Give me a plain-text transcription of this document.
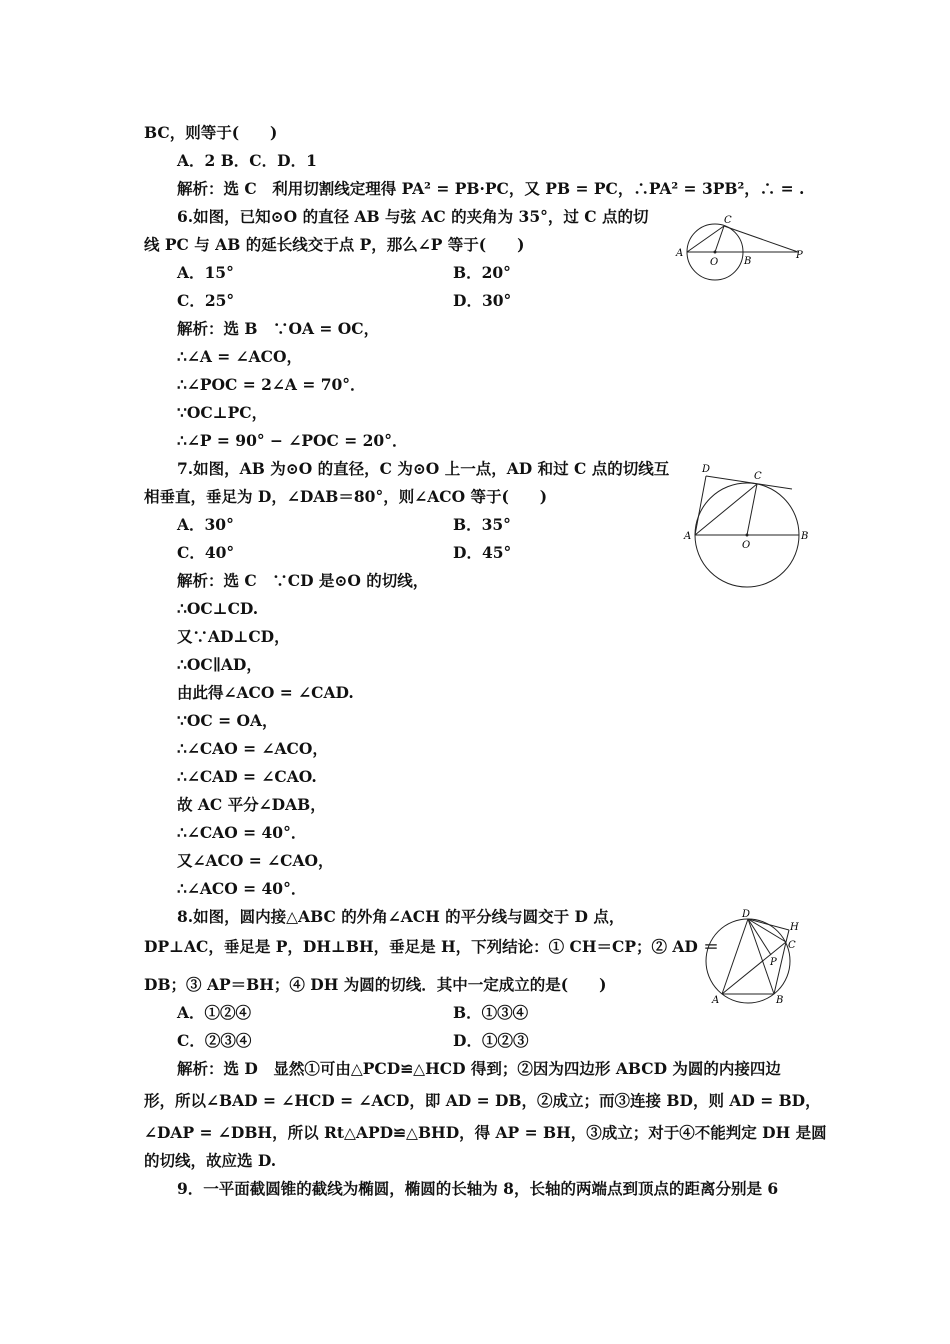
BC，则等于(　　)
A．2 B．C．D．1
解析：选 C　利用切割线定理得 PA² = PB·PC，又 PB = PC，∴PA² = 3PB²，∴ = .
6.如图，已知⊙O 的直径 AB 与弦 AC 的夹角为 35°，过 C 点的切
线 PC 与 AB 的延长线交于点 P，那么∠P 等于(　　)
A．15°	B．20°
C．25°	D．30°
解析：选 B　∵OA = OC，
∴∠A = ∠ACO，
∴∠POC = 2∠A = 70°．
∵OC⊥PC，
∴∠P = 90° − ∠POC = 20°．
7.如图，AB 为⊙O 的直径，C 为⊙O 上一点，AD 和过 C 点的切线互
相垂直，垂足为 D，∠DAB＝80°，则∠ACO 等于(　　)
A．30°	B．35°
C．40°	D．45°
解析：选 C　∵CD 是⊙O 的切线，
∴OC⊥CD.
又∵AD⊥CD，
∴OC∥AD，
由此得∠ACO = ∠CAD.
∵OC = OA，
∴∠CAO = ∠ACO，
∴∠CAD = ∠CAO.
故 AC 平分∠DAB，
∴∠CAO = 40°．
又∠ACO = ∠CAO，
∴∠ACO = 40°．
8.如图，圆内接△ABC 的外角∠ACH 的平分线与圆交于 D 点，
DP⊥AC，垂足是 P，DH⊥BH，垂足是 H，下列结论：① CH＝CP；② AD ＝
DB；③ AP＝BH；④ DH 为圆的切线．其中一定成立的是(　　)
A．①②④	B．①③④
C．②③④	D．①②③
解析：选 D　显然①可由△PCD≌△HCD 得到；②因为四边形 ABCD 为圆的内接四边
形，所以∠BAD = ∠HCD = ∠ACD，即 AD = DB，②成立；而③连接 BD，则 AD = BD，
∠DAP = ∠DBH，所以 Rt△APD≌△BHD，得 AP = BH，③成立；对于④不能判定 DH 是圆
的切线，故应选 D.
9．一平面截圆锥的截线为椭圆，椭圆的长轴为 8，长轴的两端点到顶点的距离分别是 6
A
O	B
C
P
A
O
B
C
D
D
H
C
P
A	B
